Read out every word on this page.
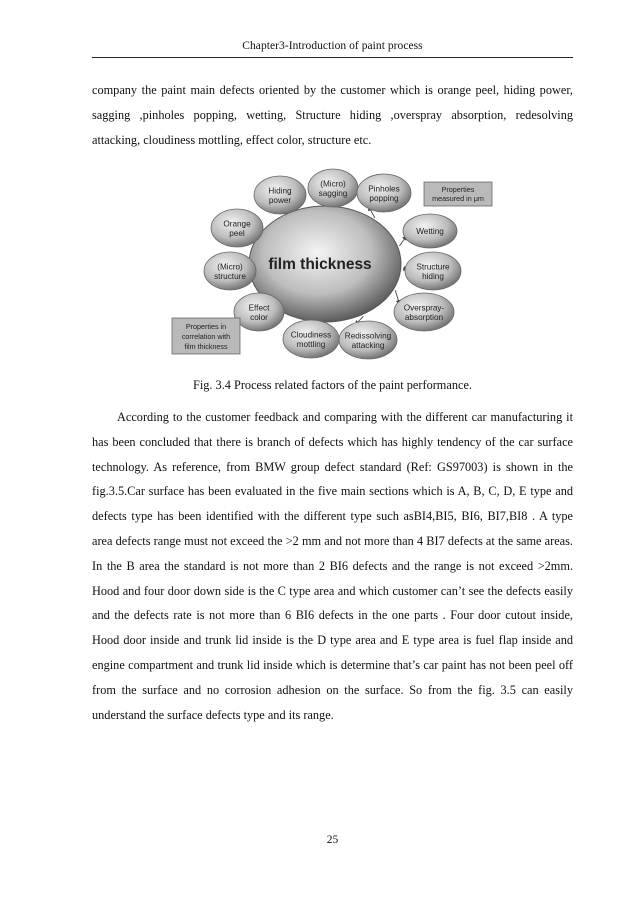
Chapter3-Introduction of paint process
company the paint main defects oriented by the customer which is orange peel, hiding power, sagging ,pinholes popping, wetting, Structure hiding ,overspray absorption, redesolving attacking, cloudiness mottling, effect color, structure etc.
film thickness
(Micro)
sagging	Pinholes
popping
Wetting
Structure
hiding
Overspray-
absorption
Redissolving
attacking
Cloudiness
mottling
Effect
color
(Micro)
structure
Orange
peel
Hiding
power
Properties
measured in μm
Properties in
correlation with
film thickness
Fig. 3.4 Process related factors of the paint performance.
According to the customer feedback and comparing with the different car manufacturing it has been concluded that there is branch of defects which has highly tendency of the car surface technology. As reference, from BMW group defect standard (Ref: GS97003) is shown in the fig.3.5.Car surface has been evaluated in the five main sections which is A, B, C, D, E type and defects type has been identified with the different type such asBI4,BI5, BI6, BI7,BI8 . A type area defects range must not exceed the >2 mm and not more than 4 BI7 defects at the same areas. In the B area the standard is not more than 2 BI6 defects and the range is not exceed >2mm. Hood and four door down side is the C type area and which customer can’t see the defects easily and the defects rate is not more than 6 BI6 defects in the one parts . Four door cutout inside, Hood door inside and trunk lid inside is the D type area and E type area is fuel flap inside and engine compartment and trunk lid inside which is determine that’s car paint has not been peel off from the surface and no corrosion adhesion on the surface. So from the fig. 3.5 can easily understand the surface defects type and its range.
25
